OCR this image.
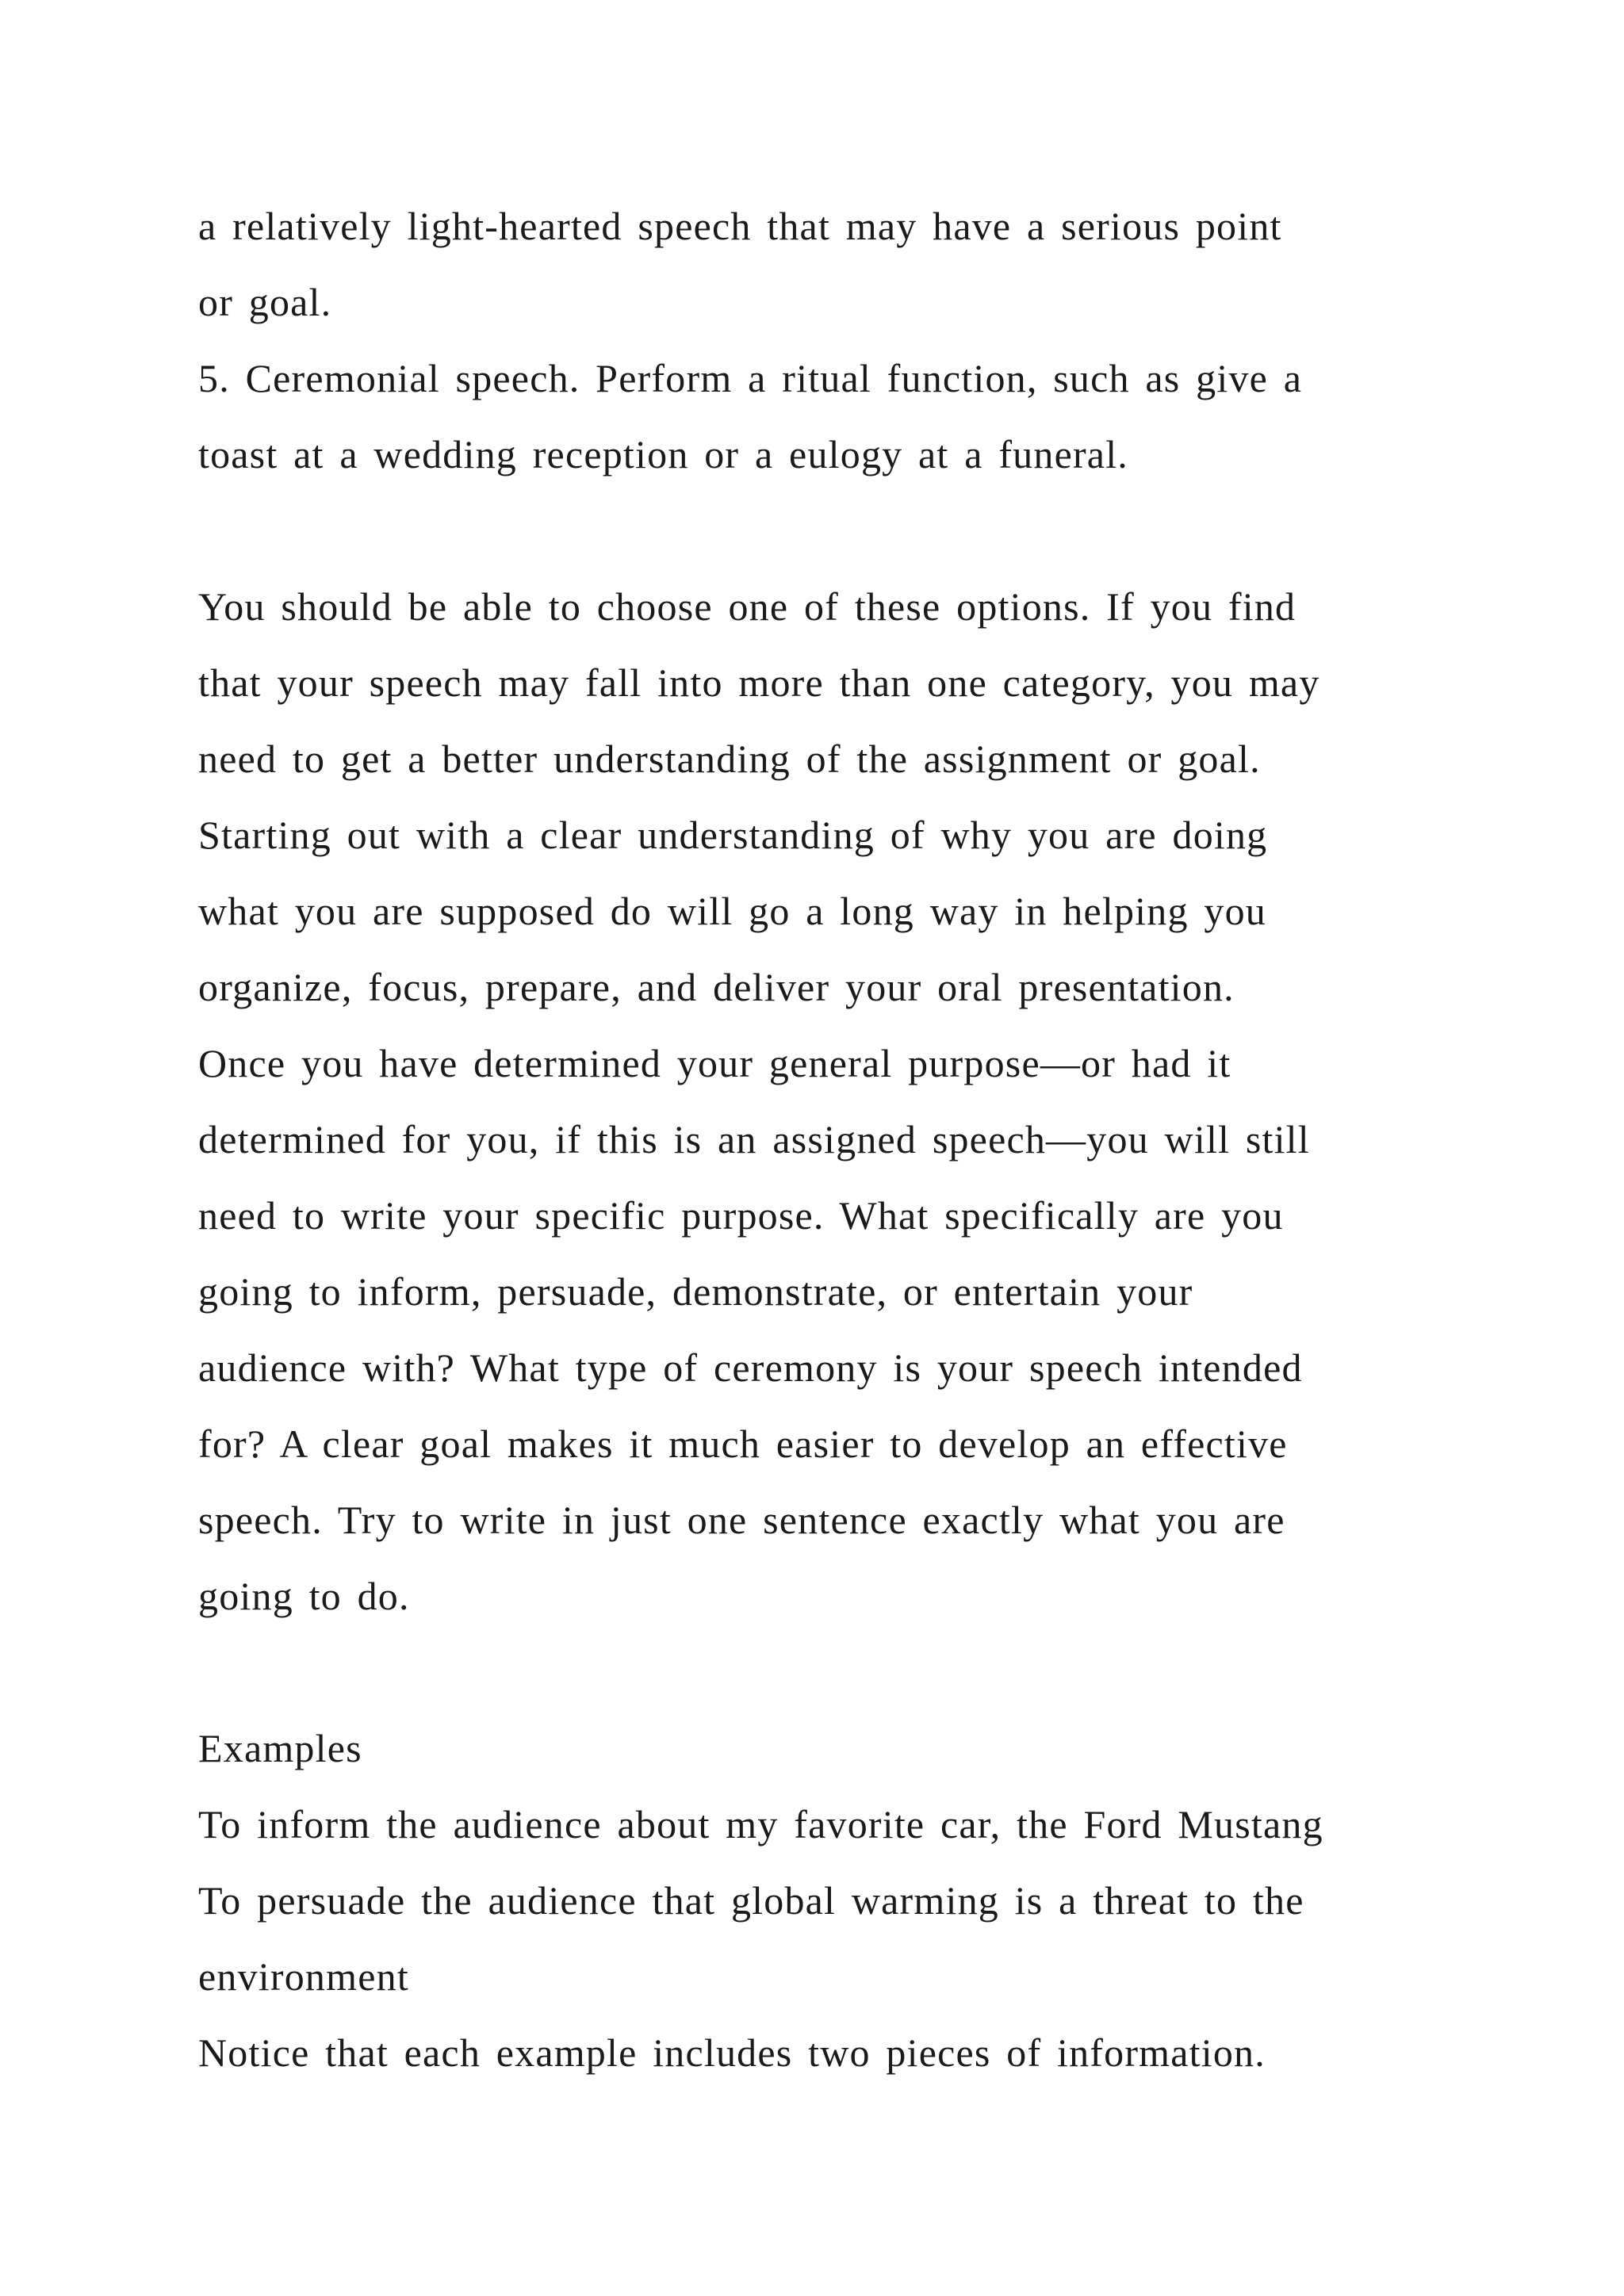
a relatively light-hearted speech that may have a serious point
or goal.
5. Ceremonial speech. Perform a ritual function, such as give a
toast at a wedding reception or a eulogy at a funeral.
You should be able to choose one of these options. If you find
that your speech may fall into more than one category, you may
need to get a better understanding of the assignment or goal.
Starting out with a clear understanding of why you are doing
what you are supposed do will go a long way in helping you
organize, focus, prepare, and deliver your oral presentation.
Once you have determined your general purpose—or had it
determined for you, if this is an assigned speech—you will still
need to write your specific purpose. What specifically are you
going to inform, persuade, demonstrate, or entertain your
audience with? What type of ceremony is your speech intended
for? A clear goal makes it much easier to develop an effective
speech. Try to write in just one sentence exactly what you are
going to do.
Examples
To inform the audience about my favorite car, the Ford Mustang
To persuade the audience that global warming is a threat to the
environment
Notice that each example includes two pieces of information.
